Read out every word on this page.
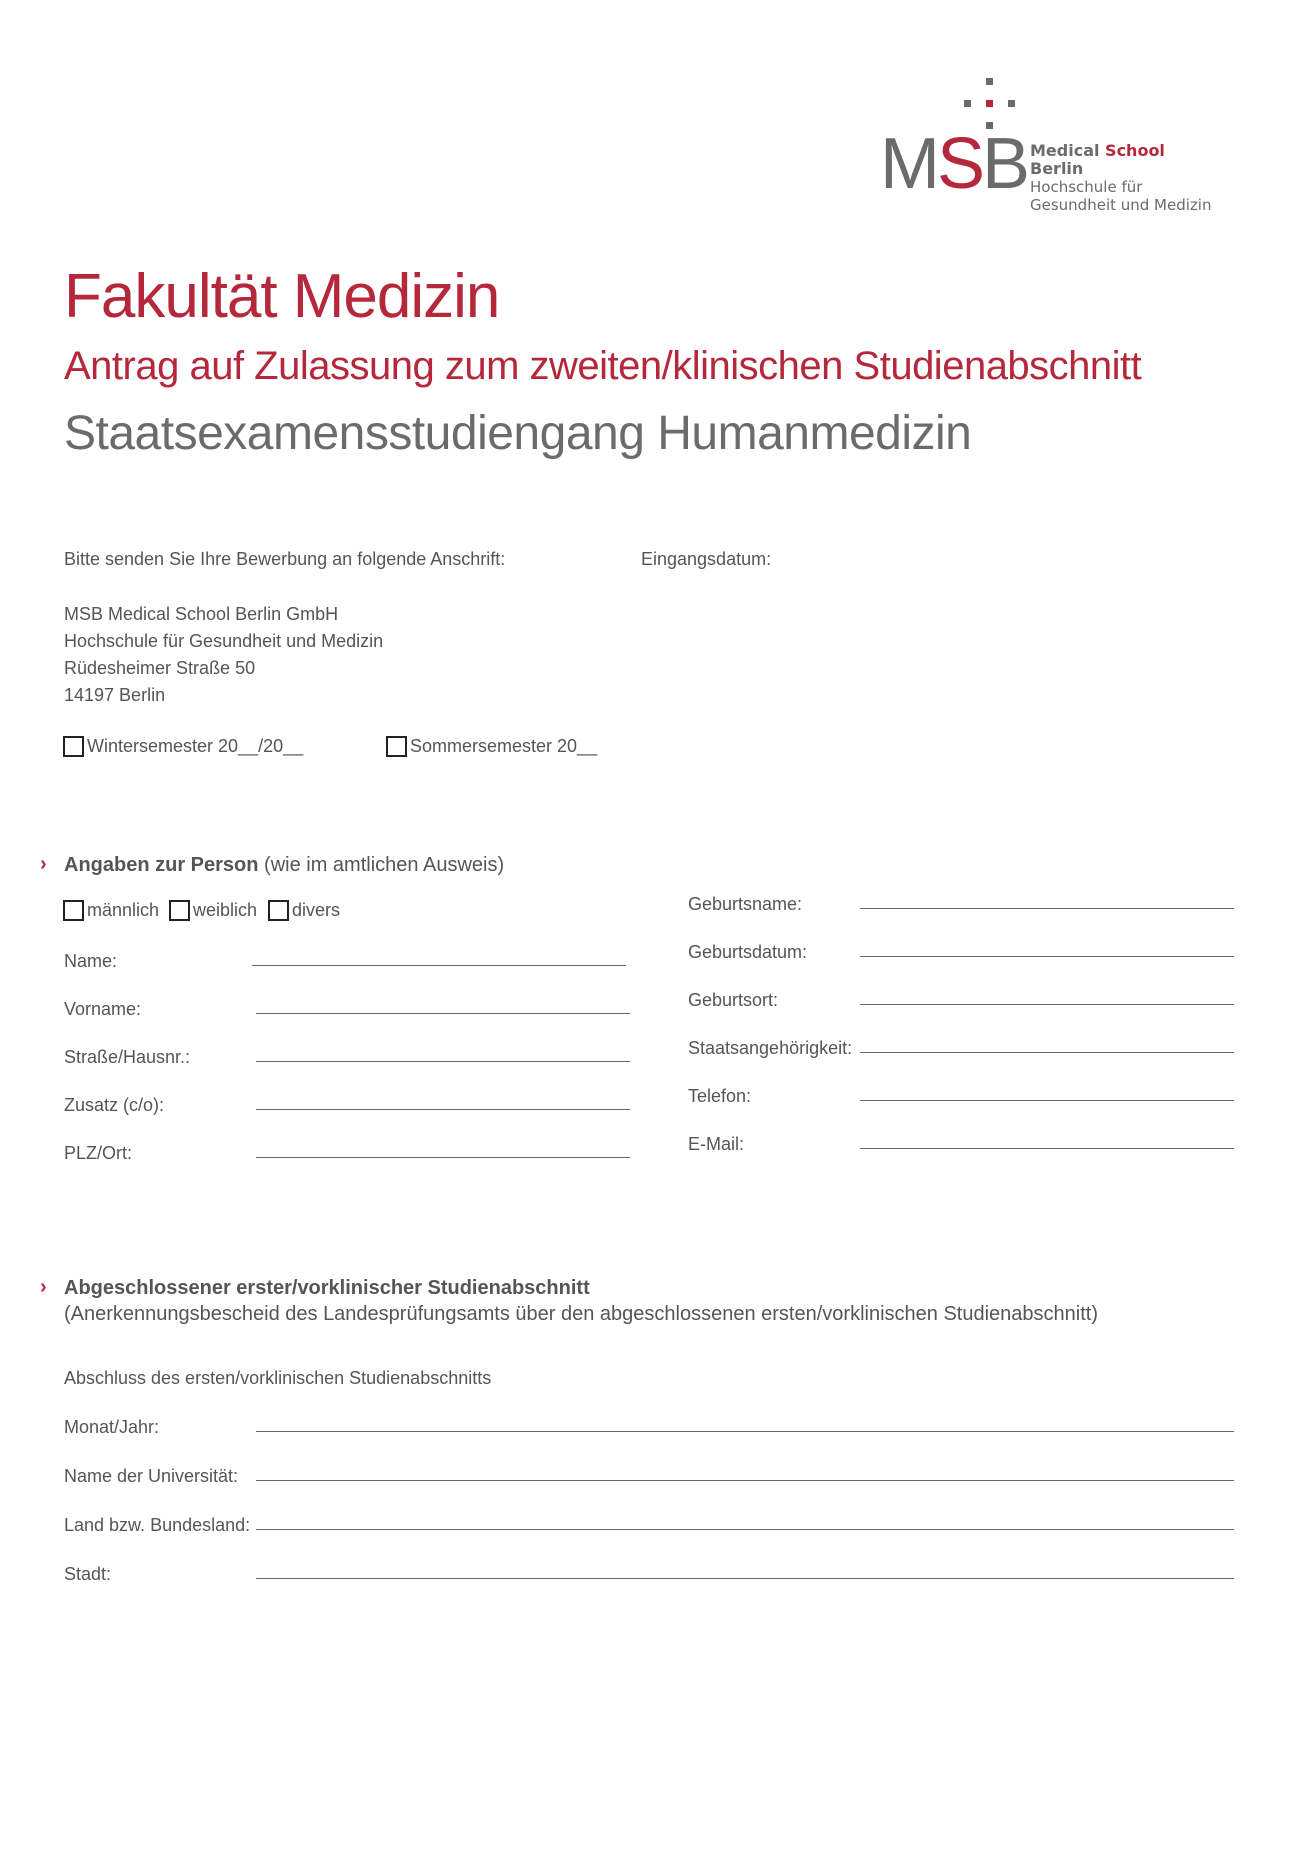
MSB Medical School Berlin
Hochschule für
Gesundheit und Medizin
Fakultät Medizin
Antrag auf Zulassung zum zweiten/klinischen Studienabschnitt
Staatsexamensstudiengang Humanmedizin
Bitte senden Sie Ihre Bewerbung an folgende Anschrift:	Eingangsdatum:
MSB Medical School Berlin GmbH
Hochschule für Gesundheit und Medizin
Rüdesheimer Straße 50
14197 Berlin
Wintersemester 20__/20__	Sommersemester 20__
› Angaben zur Person (wie im amtlichen Ausweis)
männlich weiblich divers
Name:
Vorname:
Straße/Hausnr.:
Zusatz (c/o):
PLZ/Ort:
Geburtsname:
Geburtsdatum:
Geburtsort:
Staatsangehörigkeit:
Telefon:
E-Mail:
› Abgeschlossener erster/vorklinischer Studienabschnitt
(Anerkennungsbescheid des Landesprüfungsamts über den abgeschlossenen ersten/vorklinischen Studienabschnitt)
Abschluss des ersten/vorklinischen Studienabschnitts
Monat/Jahr:
Name der Universität:
Land bzw. Bundesland:
Stadt:
